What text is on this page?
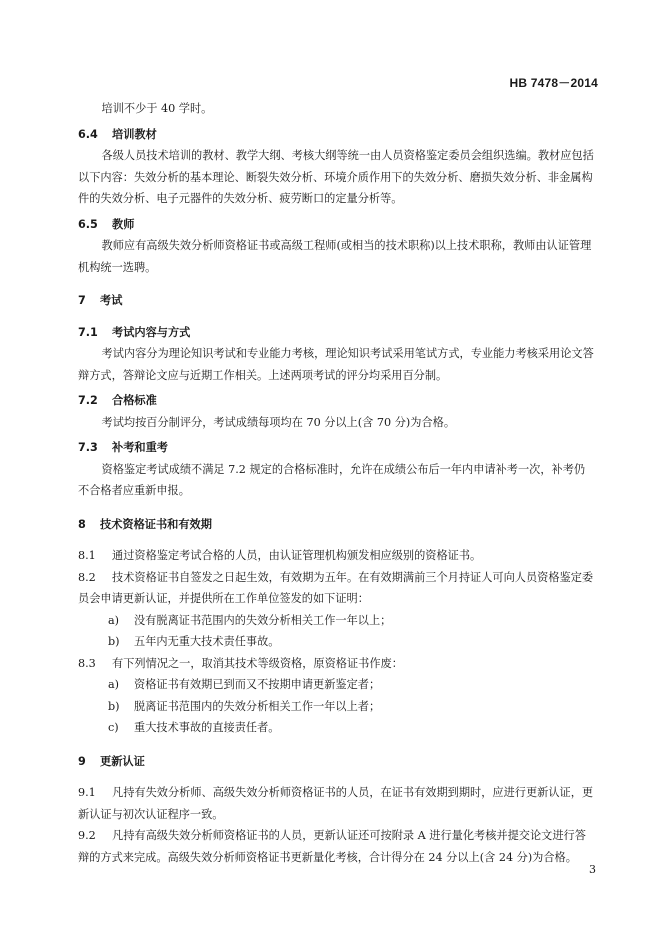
HB 7478－2014

培训不少于 40 学时。

6.4 培训教材

各级人员技术培训的教材、教学大纲、考核大纲等统一由人员资格鉴定委员会组织选编。教材应包括以下内容：失效分析的基本理论、断裂失效分析、环境介质作用下的失效分析、磨损失效分析、非金属构件的失效分析、电子元器件的失效分析、疲劳断口的定量分析等。

6.5 教师

教师应有高级失效分析师资格证书或高级工程师(或相当的技术职称)以上技术职称，教师由认证管理机构统一选聘。

7 考试
7.1 考试内容与方式

考试内容分为理论知识考试和专业能力考核，理论知识考试采用笔试方式，专业能力考核采用论文答辩方式，答辩论文应与近期工作相关。上述两项考试的评分均采用百分制。

7.2 合格标准

考试均按百分制评分，考试成绩每项均在 70 分以上(含 70 分)为合格。

7.3 补考和重考

资格鉴定考试成绩不满足 7.2 规定的合格标准时，允许在成绩公布后一年内申请补考一次，补考仍不合格者应重新申报。

8 技术资格证书和有效期

8.1 通过资格鉴定考试合格的人员，由认证管理机构颁发相应级别的资格证书。

8.2 技术资格证书自签发之日起生效，有效期为五年。在有效期满前三个月持证人可向人员资格鉴定委员会申请更新认证，并提供所在工作单位签发的如下证明：

a) 没有脱离证书范围内的失效分析相关工作一年以上；

b) 五年内无重大技术责任事故。

8.3 有下列情况之一，取消其技术等级资格，原资格证书作废：

a) 资格证书有效期已到而又不按期申请更新鉴定者；

b) 脱离证书范围内的失效分析相关工作一年以上者；

c) 重大技术事故的直接责任者。

9 更新认证

9.1 凡持有失效分析师、高级失效分析师资格证书的人员，在证书有效期到期时，应进行更新认证，更新认证与初次认证程序一致。

9.2 凡持有高级失效分析师资格证书的人员，更新认证还可按附录 A 进行量化考核并提交论文进行答辩的方式来完成。高级失效分析师资格证书更新量化考核，合计得分在 24 分以上(含 24 分)为合格。

3
